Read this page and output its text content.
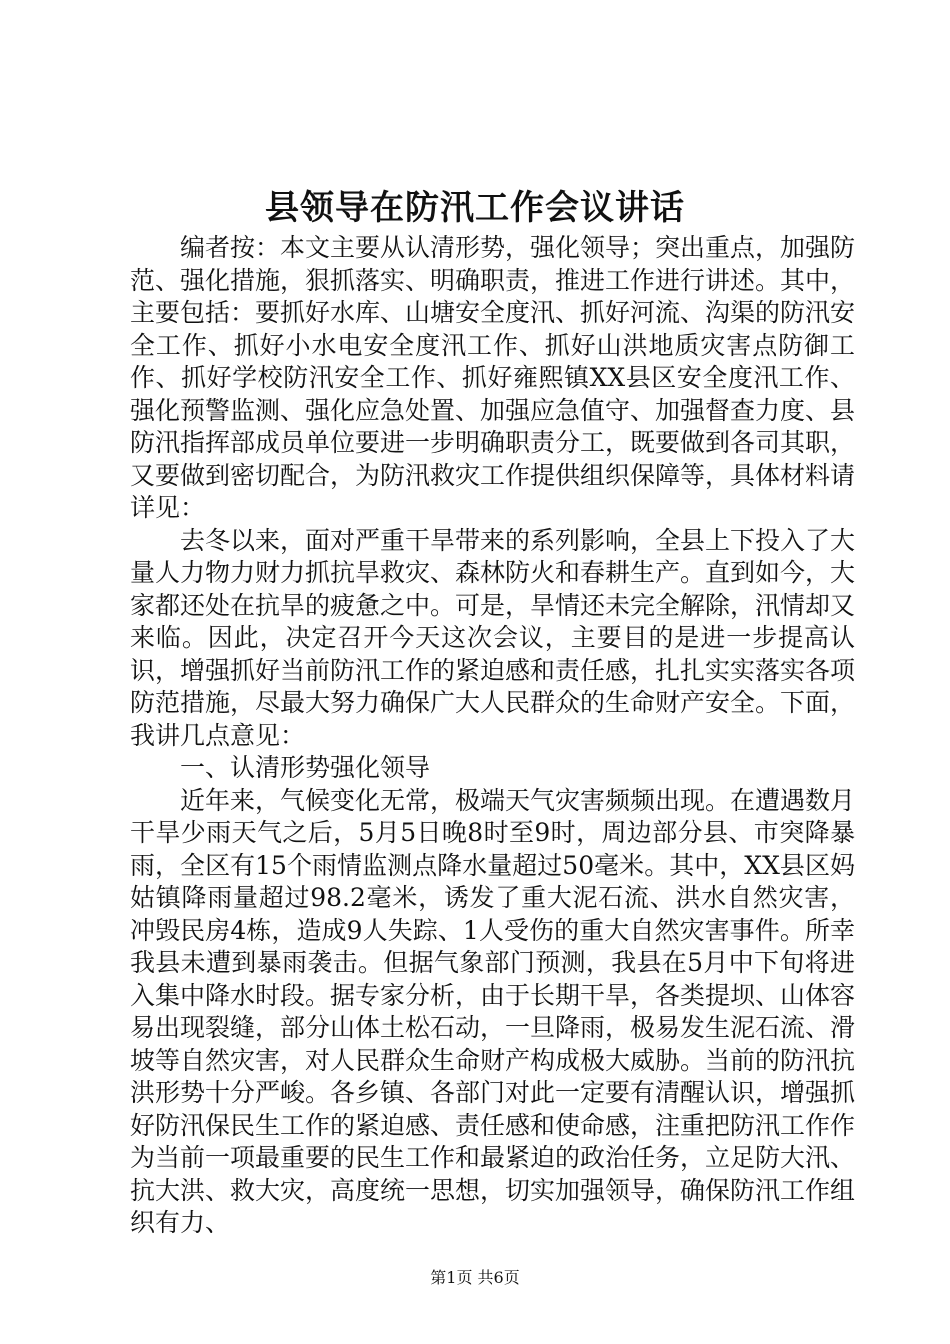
县领导在防汛工作会议讲话

编者按：本文主要从认清形势，强化领导；突出重点，加强防范、强化措施，狠抓落实、明确职责，推进工作进行讲述。其中，主要包括：要抓好水库、山塘安全度汛、抓好河流、沟渠的防汛安全工作、抓好小水电安全度汛工作、抓好山洪地质灾害点防御工作、抓好学校防汛安全工作、抓好雍熙镇XX县区安全度汛工作、强化预警监测、强化应急处置、加强应急值守、加强督查力度、县防汛指挥部成员单位要进一步明确职责分工，既要做到各司其职，又要做到密切配合，为防汛救灾工作提供组织保障等，具体材料请详见：

去冬以来，面对严重干旱带来的系列影响，全县上下投入了大量人力物力财力抓抗旱救灾、森林防火和春耕生产。直到如今，大家都还处在抗旱的疲惫之中。可是，旱情还未完全解除，汛情却又来临。因此，决定召开今天这次会议，主要目的是进一步提高认识，增强抓好当前防汛工作的紧迫感和责任感，扎扎实实落实各项防范措施，尽最大努力确保广大人民群众的生命财产安全。下面，我讲几点意见：

一、认清形势强化领导

近年来，气候变化无常，极端天气灾害频频出现。在遭遇数月干旱少雨天气之后，5月5日晚8时至9时，周边部分县、市突降暴雨，全区有15个雨情监测点降水量超过50毫米。其中，XX县区妈姑镇降雨量超过98.2毫米，诱发了重大泥石流、洪水自然灾害，冲毁民房4栋，造成9人失踪、1人受伤的重大自然灾害事件。所幸我县未遭到暴雨袭击。但据气象部门预测，我县在5月中下旬将进入集中降水时段。据专家分析，由于长期干旱，各类提坝、山体容易出现裂缝，部分山体土松石动，一旦降雨，极易发生泥石流、滑坡等自然灾害，对人民群众生命财产构成极大威胁。当前的防汛抗洪形势十分严峻。各乡镇、各部门对此一定要有清醒认识，增强抓好防汛保民生工作的紧迫感、责任感和使命感，注重把防汛工作作为当前一项最重要的民生工作和最紧迫的政治任务，立足防大汛、抗大洪、救大灾，高度统一思想，切实加强领导，确保防汛工作组织有力、

第1页 共6页
